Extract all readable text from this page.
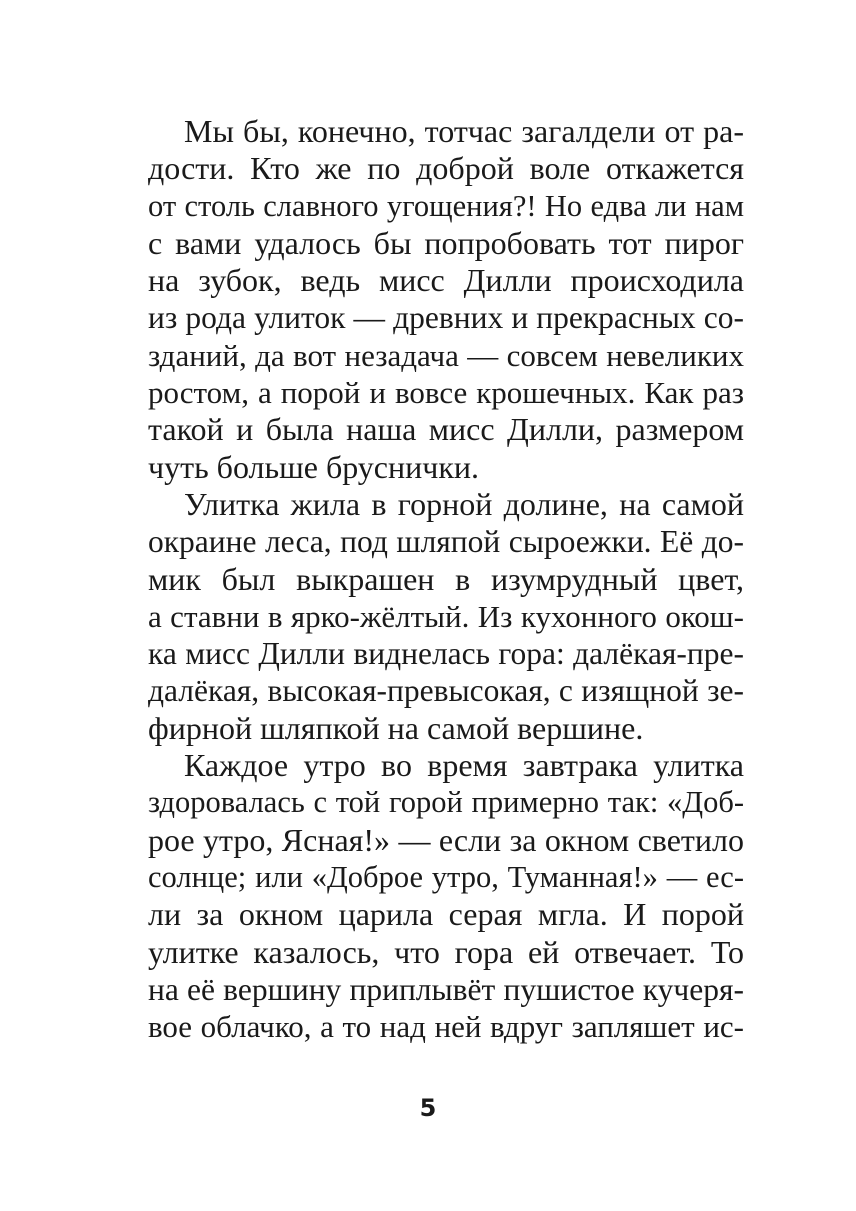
Мы бы, конечно, тотчас загалдели от ра-
дости. Кто же по доброй воле откажется
от столь славного угощения?! Но едва ли нам
с вами удалось бы попробовать тот пирог
на зубок, ведь мисс Дилли происходила
из рода улиток — древних и прекрасных со-
зданий, да вот незадача — совсем невеликих
ростом, а порой и вовсе крошечных. Как раз
такой и была наша мисс Дилли, размером
чуть больше бруснички.
Улитка жила в горной долине, на самой
окраине леса, под шляпой сыроежки. Её до-
мик был выкрашен в изумрудный цвет,
а ставни в ярко-жёлтый. Из кухонного окош-
ка мисс Дилли виднелась гора: далёкая-пре-
далёкая, высокая-превысокая, с изящной зе-
фирной шляпкой на самой вершине.
Каждое утро во время завтрака улитка
здоровалась с той горой примерно так: «Доб-
рое утро, Ясная!» — если за окном светило
солнце; или «Доброе утро, Туманная!» — ес-
ли за окном царила серая мгла. И порой
улитке казалось, что гора ей отвечает. То
на её вершину приплывёт пушистое кучеря-
вое облачко, а то над ней вдруг запляшет ис-
5
